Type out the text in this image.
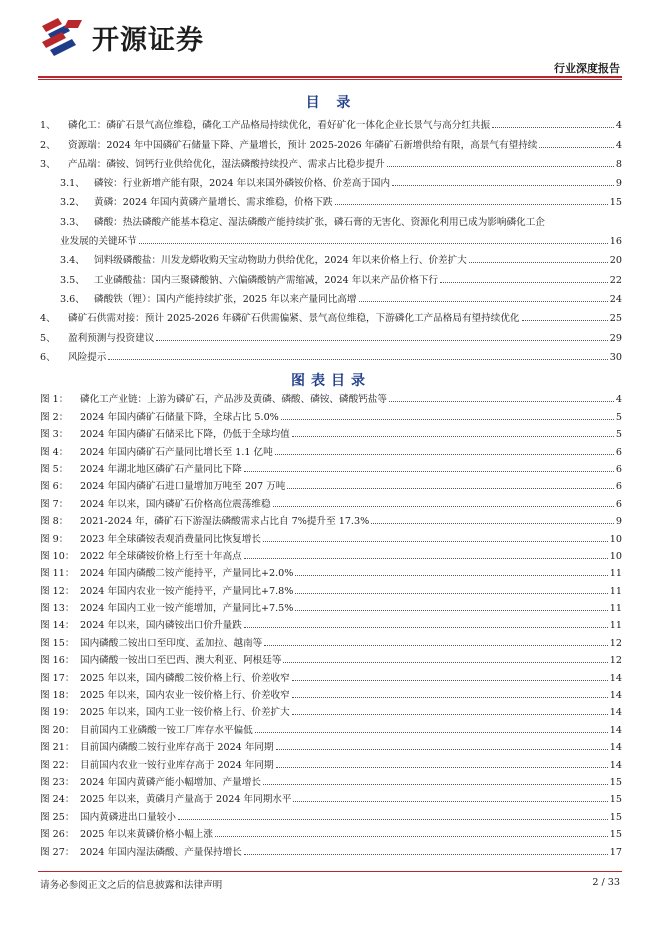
开源证券
行业深度报告
目 录
1、	磷化工：磷矿石景气高位维稳，磷化工产品格局持续优化，看好矿化一体化企业长景气与高分红共振	4
2、	资源端：2024 年中国磷矿石储量下降、产量增长，预计 2025-2026 年磷矿石新增供给有限，高景气有望持续	4
3、	产品端：磷铵、饲钙行业供给优化，湿法磷酸持续投产、需求占比稳步提升	8
3.1、 磷铵：行业新增产能有限，2024 年以来国外磷铵价格、价差高于国内	9
3.2、 黄磷：2024 年国内黄磷产量增长、需求维稳，价格下跌	15
3.3、 磷酸：热法磷酸产能基本稳定、湿法磷酸产能持续扩张，磷石膏的无害化、资源化利用已成为影响磷化工企
业发展的关键环节	16
3.4、 饲料级磷酸盐：川发龙蟒收购天宝动物助力供给优化，2024 年以来价格上行、价差扩大	20
3.5、 工业磷酸盐：国内三聚磷酸钠、六偏磷酸钠产需缩减，2024 年以来产品价格下行	22
3.6、 磷酸铁（锂）：国内产能持续扩张，2025 年以来产量同比高增	24
4、	磷矿石供需对接：预计 2025-2026 年磷矿石供需偏紧、景气高位维稳，下游磷化工产品格局有望持续优化	25
5、	盈利预测与投资建议	29
6、	风险提示	30
图表目录
图 1：	磷化工产业链：上游为磷矿石，产品涉及黄磷、磷酸、磷铵、磷酸钙盐等	4
图 2：	2024 年国内磷矿石储量下降，全球占比 5.0%	5
图 3：	2024 年国内磷矿石储采比下降，仍低于全球均值	5
图 4：	2024 年国内磷矿石产量同比增长至 1.1 亿吨	6
图 5：	2024 年湖北地区磷矿石产量同比下降	6
图 6：	2024 年国内磷矿石进口量增加万吨至 207 万吨	6
图 7：	2024 年以来，国内磷矿石价格高位震荡维稳	6
图 8：	2021-2024 年，磷矿石下游湿法磷酸需求占比自 7%提升至 17.3%	9
图 9：	2023 年全球磷铵表观消费量同比恢复增长	10
图 10： 2022 年全球磷铵价格上行至十年高点	10
图 11： 2024 年国内磷酸二铵产能持平，产量同比+2.0%	11
图 12： 2024 年国内农业一铵产能持平，产量同比+7.8%	11
图 13： 2024 年国内工业一铵产能增加，产量同比+7.5%	11
图 14： 2024 年以来，国内磷铵出口价升量跌	11
图 15： 国内磷酸二铵出口至印度、孟加拉、越南等	12
图 16： 国内磷酸一铵出口至巴西、澳大利亚、阿根廷等	12
图 17： 2025 年以来，国内磷酸二铵价格上行、价差收窄	14
图 18： 2025 年以来，国内农业一铵价格上行、价差收窄	14
图 19： 2025 年以来，国内工业一铵价格上行、价差扩大	14
图 20： 目前国内工业磷酸一铵工厂库存水平偏低	14
图 21： 目前国内磷酸二铵行业库存高于 2024 年同期	14
图 22： 目前国内农业一铵行业库存高于 2024 年同期	14
图 23： 2024 年国内黄磷产能小幅增加、产量增长	15
图 24： 2025 年以来，黄磷月产量高于 2024 年同期水平	15
图 25： 国内黄磷进出口量较小	15
图 26： 2025 年以来黄磷价格小幅上涨	15
图 27： 2024 年国内湿法磷酸、产量保持增长	17
请务必参阅正文之后的信息披露和法律声明	2 / 33
